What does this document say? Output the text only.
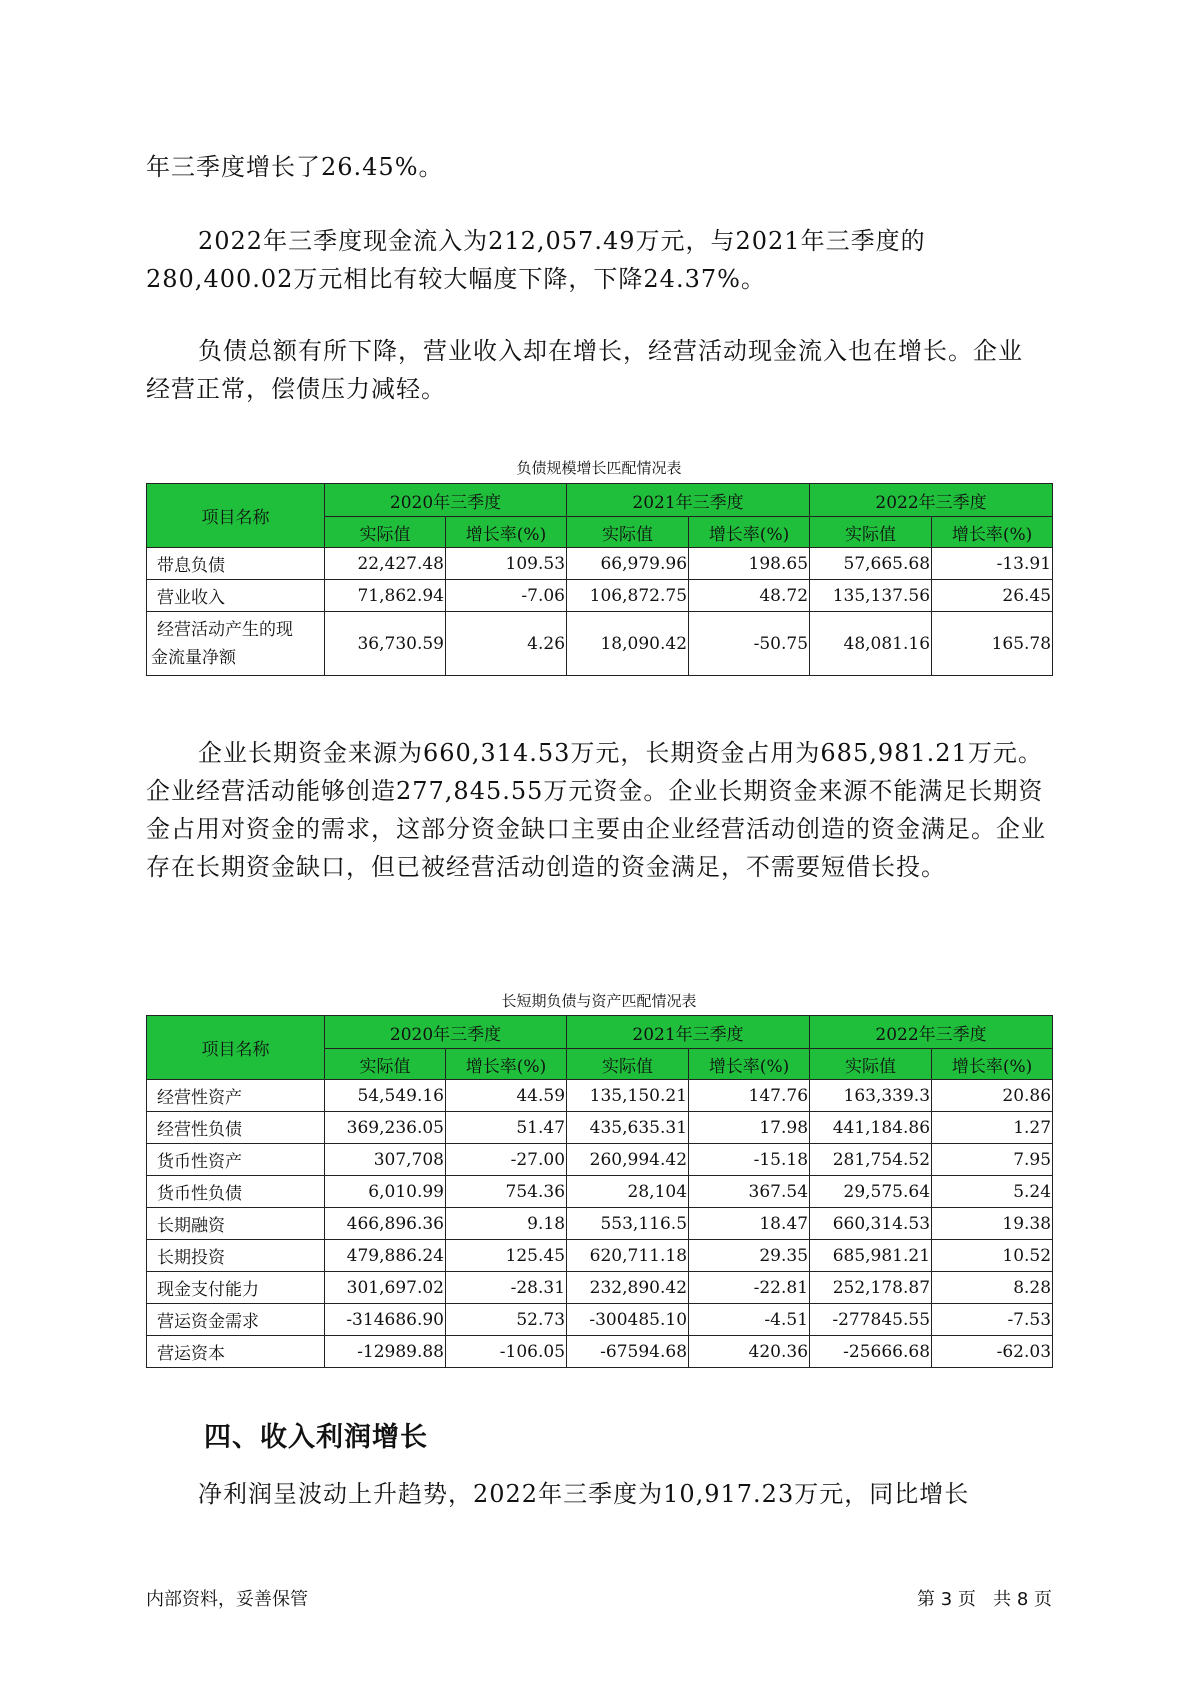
年三季度增长了26.45%。
2022年三季度现金流入为212,057.49万元，与2021年三季度的280,400.02万元相比有较大幅度下降，下降24.37%。
负债总额有所下降，营业收入却在增长，经营活动现金流入也在增长。企业经营正常，偿债压力减轻。
负债规模增长匹配情况表
项目名称	2020年三季度		2021年三季度		2022年三季度	
	实际值	增长率(%)	实际值	增长率(%)	实际值	增长率(%)
带息负债	22,427.48	109.53	66,979.96	198.65	57,665.68	-13.91
营业收入	71,862.94	-7.06	106,872.75	48.72	135,137.56	26.45

经营活动产生的现
金流量净额	36,730.59	4.26	18,090.42	-50.75	48,081.16	165.78
企业长期资金来源为660,314.53万元，长期资金占用为685,981.21万元。企业经营活动能够创造277,845.55万元资金。企业长期资金来源不能满足长期资金占用对资金的需求，这部分资金缺口主要由企业经营活动创造的资金满足。企业存在长期资金缺口，但已被经营活动创造的资金满足，不需要短借长投。
长短期负债与资产匹配情况表
项目名称	2020年三季度		2021年三季度		2022年三季度	
	实际值	增长率(%)	实际值	增长率(%)	实际值	增长率(%)
经营性资产	54,549.16	44.59	135,150.21	147.76	163,339.3	20.86
经营性负债	369,236.05	51.47	435,635.31	17.98	441,184.86	1.27
货币性资产	307,708	-27.00	260,994.42	-15.18	281,754.52	7.95
货币性负债	6,010.99	754.36	28,104	367.54	29,575.64	5.24
长期融资	466,896.36	9.18	553,116.5	18.47	660,314.53	19.38
长期投资	479,886.24	125.45	620,711.18	29.35	685,981.21	10.52
现金支付能力	301,697.02	-28.31	232,890.42	-22.81	252,178.87	8.28
营运资金需求	-314686.90	52.73	-300485.10	-4.51	-277845.55	-7.53
营运资本	-12989.88	-106.05	-67594.68	420.36	-25666.68	-62.03
四、收入利润增长
净利润呈波动上升趋势，2022年三季度为10,917.23万元，同比增长
内部资料，妥善保管	第 3 页   共 8 页
